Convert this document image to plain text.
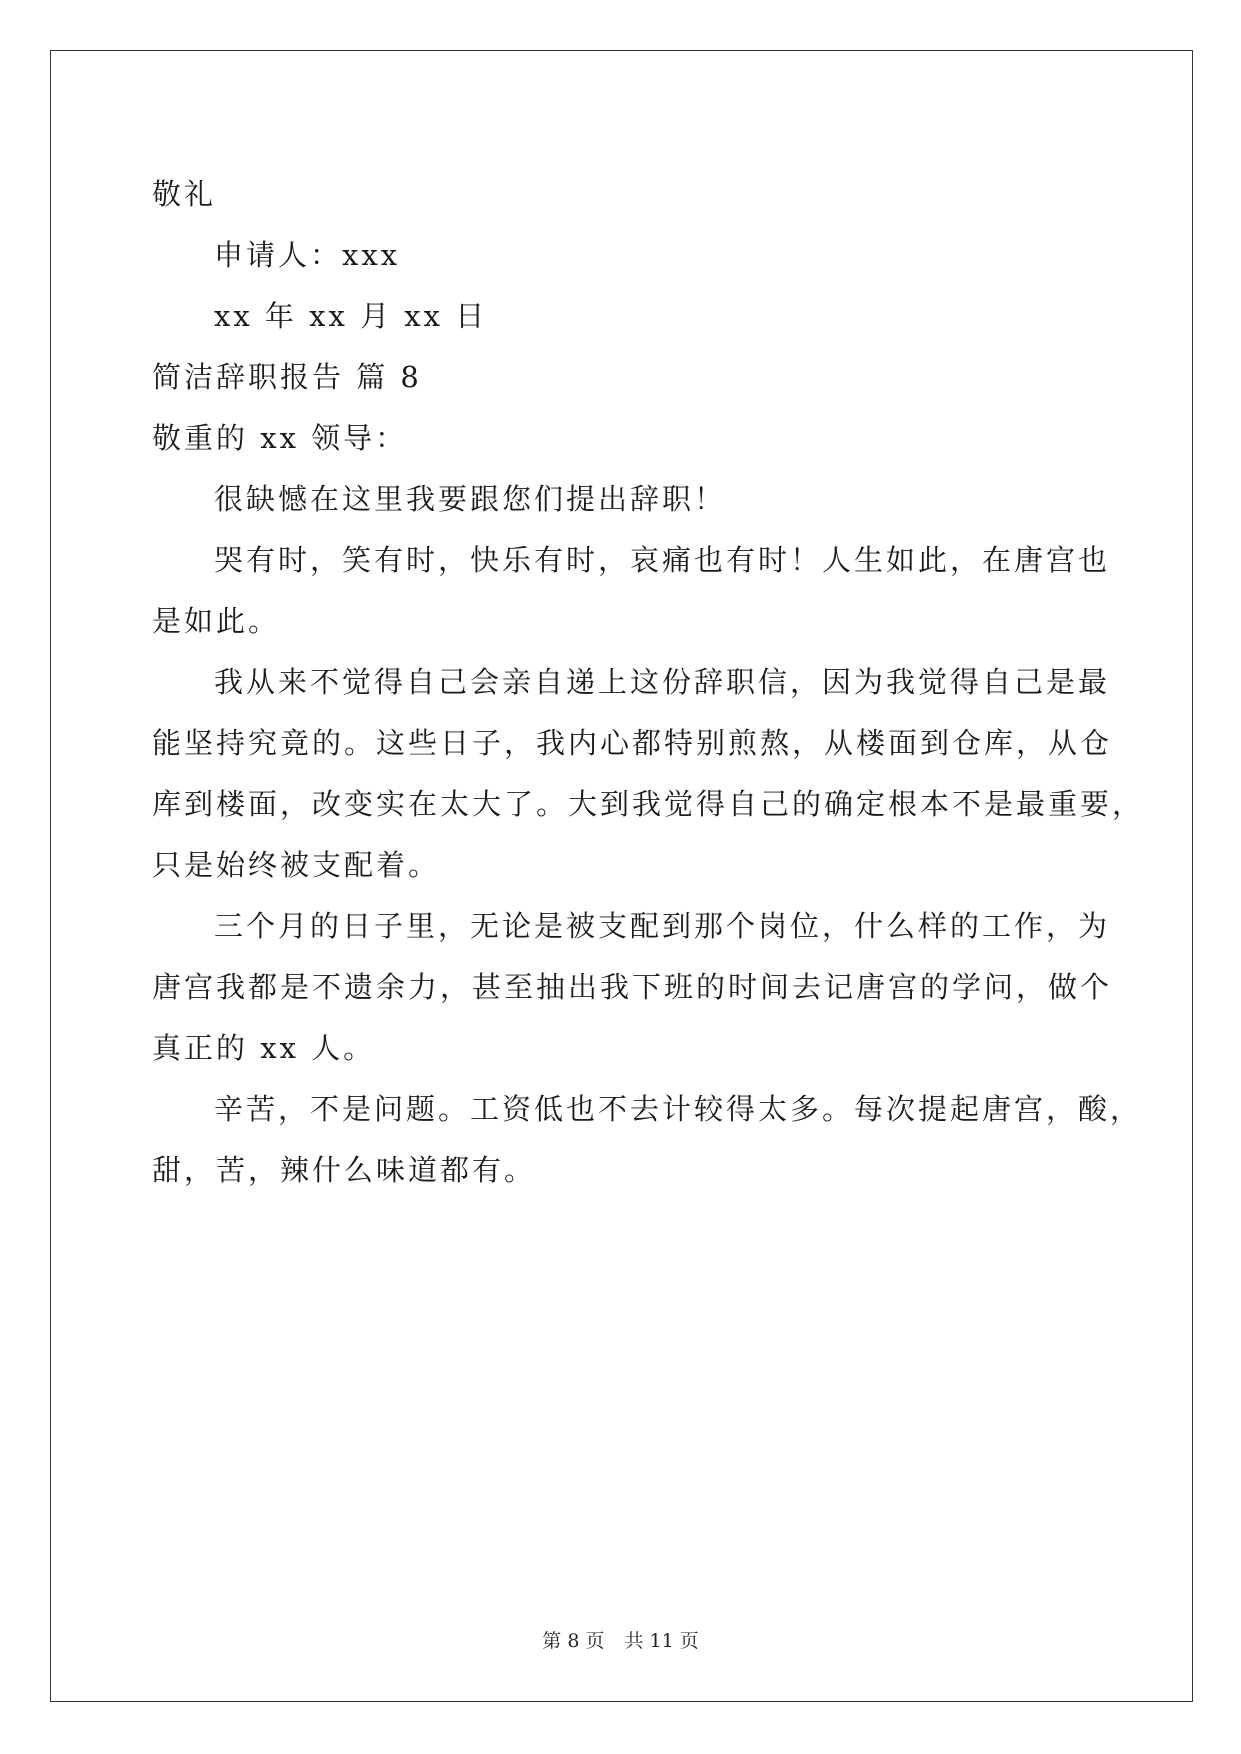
敬礼
申请人：xxx
xx 年 xx 月 xx 日
简洁辞职报告 篇 8
敬重的 xx 领导：
很缺憾在这里我要跟您们提出辞职！
哭有时，笑有时，快乐有时，哀痛也有时！人生如此，在唐宫也
是如此。
我从来不觉得自己会亲自递上这份辞职信，因为我觉得自己是最
能坚持究竟的。这些日子，我内心都特别煎熬，从楼面到仓库，从仓
库到楼面，改变实在太大了。大到我觉得自己的确定根本不是最重要，
只是始终被支配着。
三个月的日子里，无论是被支配到那个岗位，什么样的工作，为
唐宫我都是不遗余力，甚至抽出我下班的时间去记唐宫的学问，做个
真正的 xx 人。
辛苦，不是问题。工资低也不去计较得太多。每次提起唐宫，酸，
甜，苦，辣什么味道都有。
第 8 页 共 11 页
